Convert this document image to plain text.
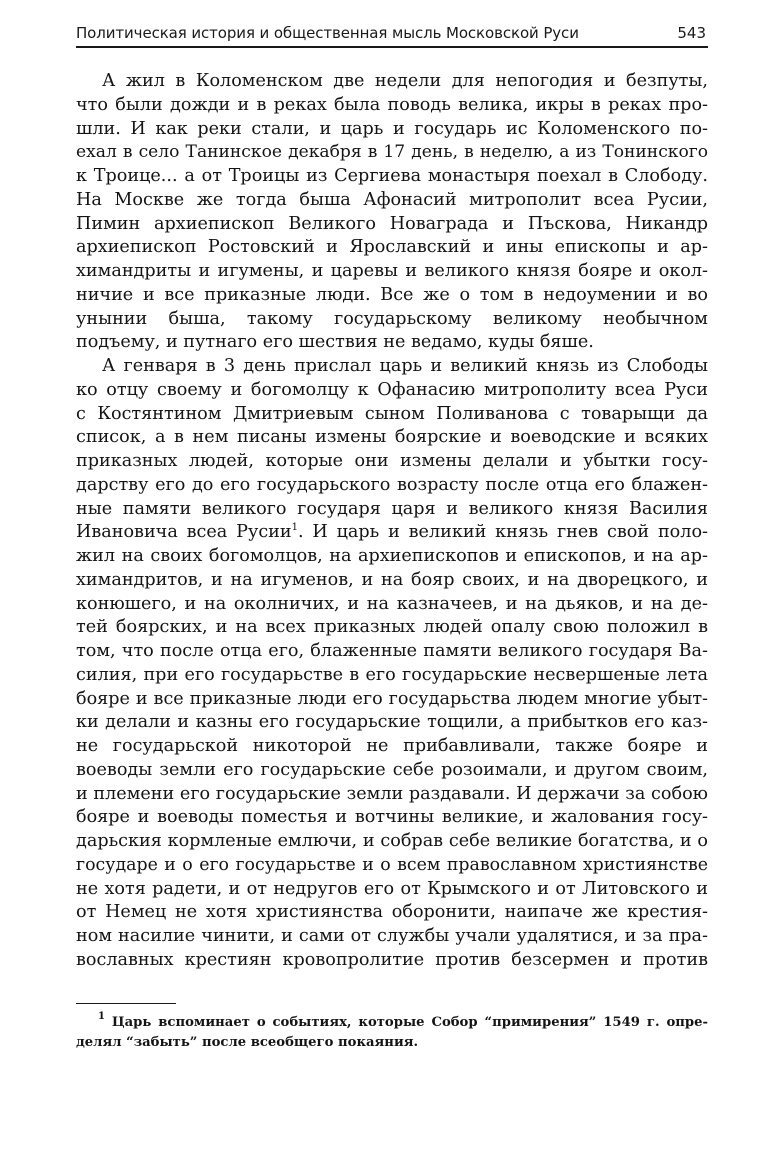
Политическая история и общественная мысль Московской Руси	543
А жил в Коломенском две недели для непогодия и безпуты,
что были дожди и в реках была поводь велика, икры в реках про-
шли. И как реки стали, и царь и государь ис Коломенского по-
ехал в село Танинское декабря в 17 день, в неделю, а из Тонинского
к Троице... а от Троицы из Сергиева монастыря поехал в Слободу.
На Москве же тогда быша Афонасий митрополит всеа Русии,
Пимин архиепископ Великого Новаграда и Пъскова, Никандр
архиепископ Ростовский и Ярославский и ины епископы и ар-
химандриты и игумены, и царевы и великого князя бояре и окол-
ничие и все приказные люди. Все же о том в недоумении и во
унынии быша, такому государьскому великому необычном
подъему, и путнаго его шествия не ведамо, куды бяше.
А генваря в 3 день прислал царь и великий князь из Слободы
ко отцу своему и богомолцу к Офанасию митрополиту всеа Руси
с Костянтином Дмитриевым сыном Поливанова с товарыщи да
список, а в нем писаны измены боярские и воеводские и всяких
приказных людей, которые они измены делали и убытки госу-
дарству его до его государьского возрасту после отца его блажен-
ные памяти великого государя царя и великого князя Василия
Ивановича всеа Русии$^1$. И царь и великий князь гнев свой поло-
жил на своих богомолцов, на архиепископов и епископов, и на ар-
химандритов, и на игуменов, и на бояр своих, и на дворецкого, и
конюшего, и на околничих, и на казначеев, и на дьяков, и на де-
тей боярских, и на всех приказных людей опалу свою положил в
том, что после отца его, блаженные памяти великого государя Ва-
силия, при его государьстве в его государьские несвершеные лета
бояре и все приказные люди его государьства людем многие убыт-
ки делали и казны его государьские тощили, а прибытков его каз-
не государьской никоторой не прибавливали, также бояре и
воеводы земли его государьские себе розоимали, и другом своим,
и племени его государьские земли раздавали. И держачи за собою
бояре и воеводы поместья и вотчины великие, и жалования госу-
дарьския кормленые емлючи, и собрав себе великие богатства, и о
государе и о его государьстве и о всем православном християнстве
не хотя радети, и от недругов его от Крымского и от Литовского и
от Немец не хотя християнства оборонити, наипаче же крестия-
ном насилие чинити, и сами от службы учали удалятися, и за пра-
вославных крестиян кровопролитие против безсермен и против
$^1$ Царь вспоминает о событиях, которые Собор “примирения” 1549 г. опре-
делял “забыть” после всеобщего покаяния.
